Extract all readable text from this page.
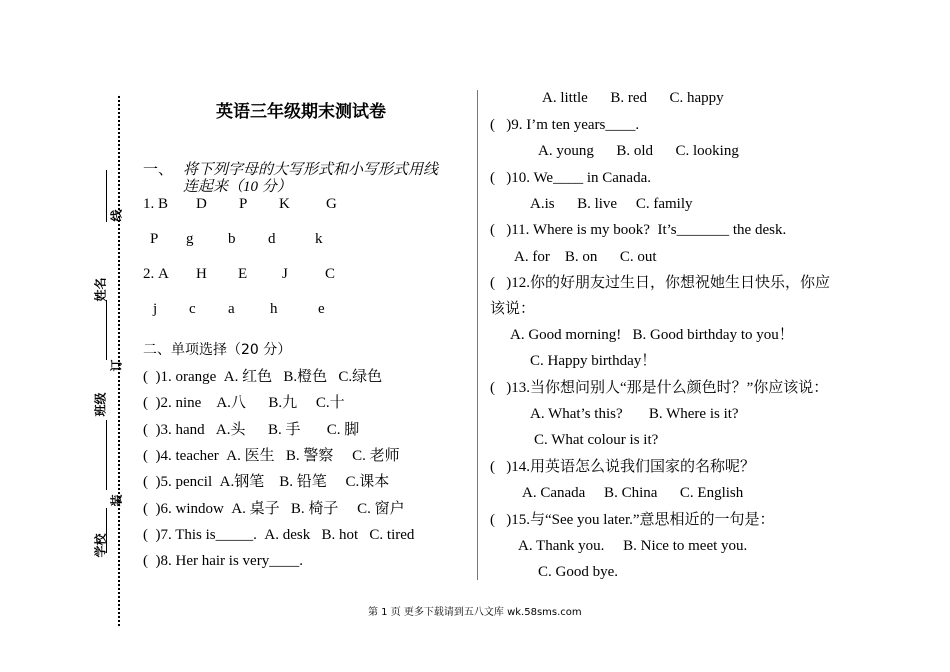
线
姓名
订
班级
装
学校
英语三年级期末测试卷
一、 将下列字母的大写形式和小写形式用线
连起来（10 分）
1. B D P K G
P g b d	k
2. A H E J C
j c a h	e
二、单项选择（20 分）
(  )1. orange  A. 红色   B.橙色   C.绿色
(  )2. nine    A.八      B.九     C.十
(  )3. hand   A.头      B. 手       C. 脚
(  )4. teacher  A. 医生   B. 警察     C. 老师
(  )5. pencil  A.钢笔    B. 铅笔     C.课本
(  )6. window  A. 桌子   B. 椅子     C. 窗户
(  )7. This is_____.  A. desk   B. hot   C. tired
(  )8. Her hair is very____.
A. little      B. red      C. happy
(   )9. I’m ten years____.
A. young      B. old      C. looking
(   )10. We____ in Canada.
A.is      B. live     C. family
(   )11. Where is my book?  It’s_______ the desk.
A. for    B. on      C. out
(   )12.你的好朋友过生日，你想祝她生日快乐，你应
该说：
A. Good morning!   B. Good birthday to you！
C. Happy birthday！
(   )13.当你想问别人“那是什么颜色时？”你应该说：
A. What’s this?       B. Where is it?
C. What colour is it?
(   )14.用英语怎么说我们国家的名称呢？
A. Canada     B. China      C. English
(   )15.与“See you later.”意思相近的一句是：
A. Thank you.     B. Nice to meet you.
C. Good bye.
第 1 页 更多下载请到五八文库 wk.58sms.com
